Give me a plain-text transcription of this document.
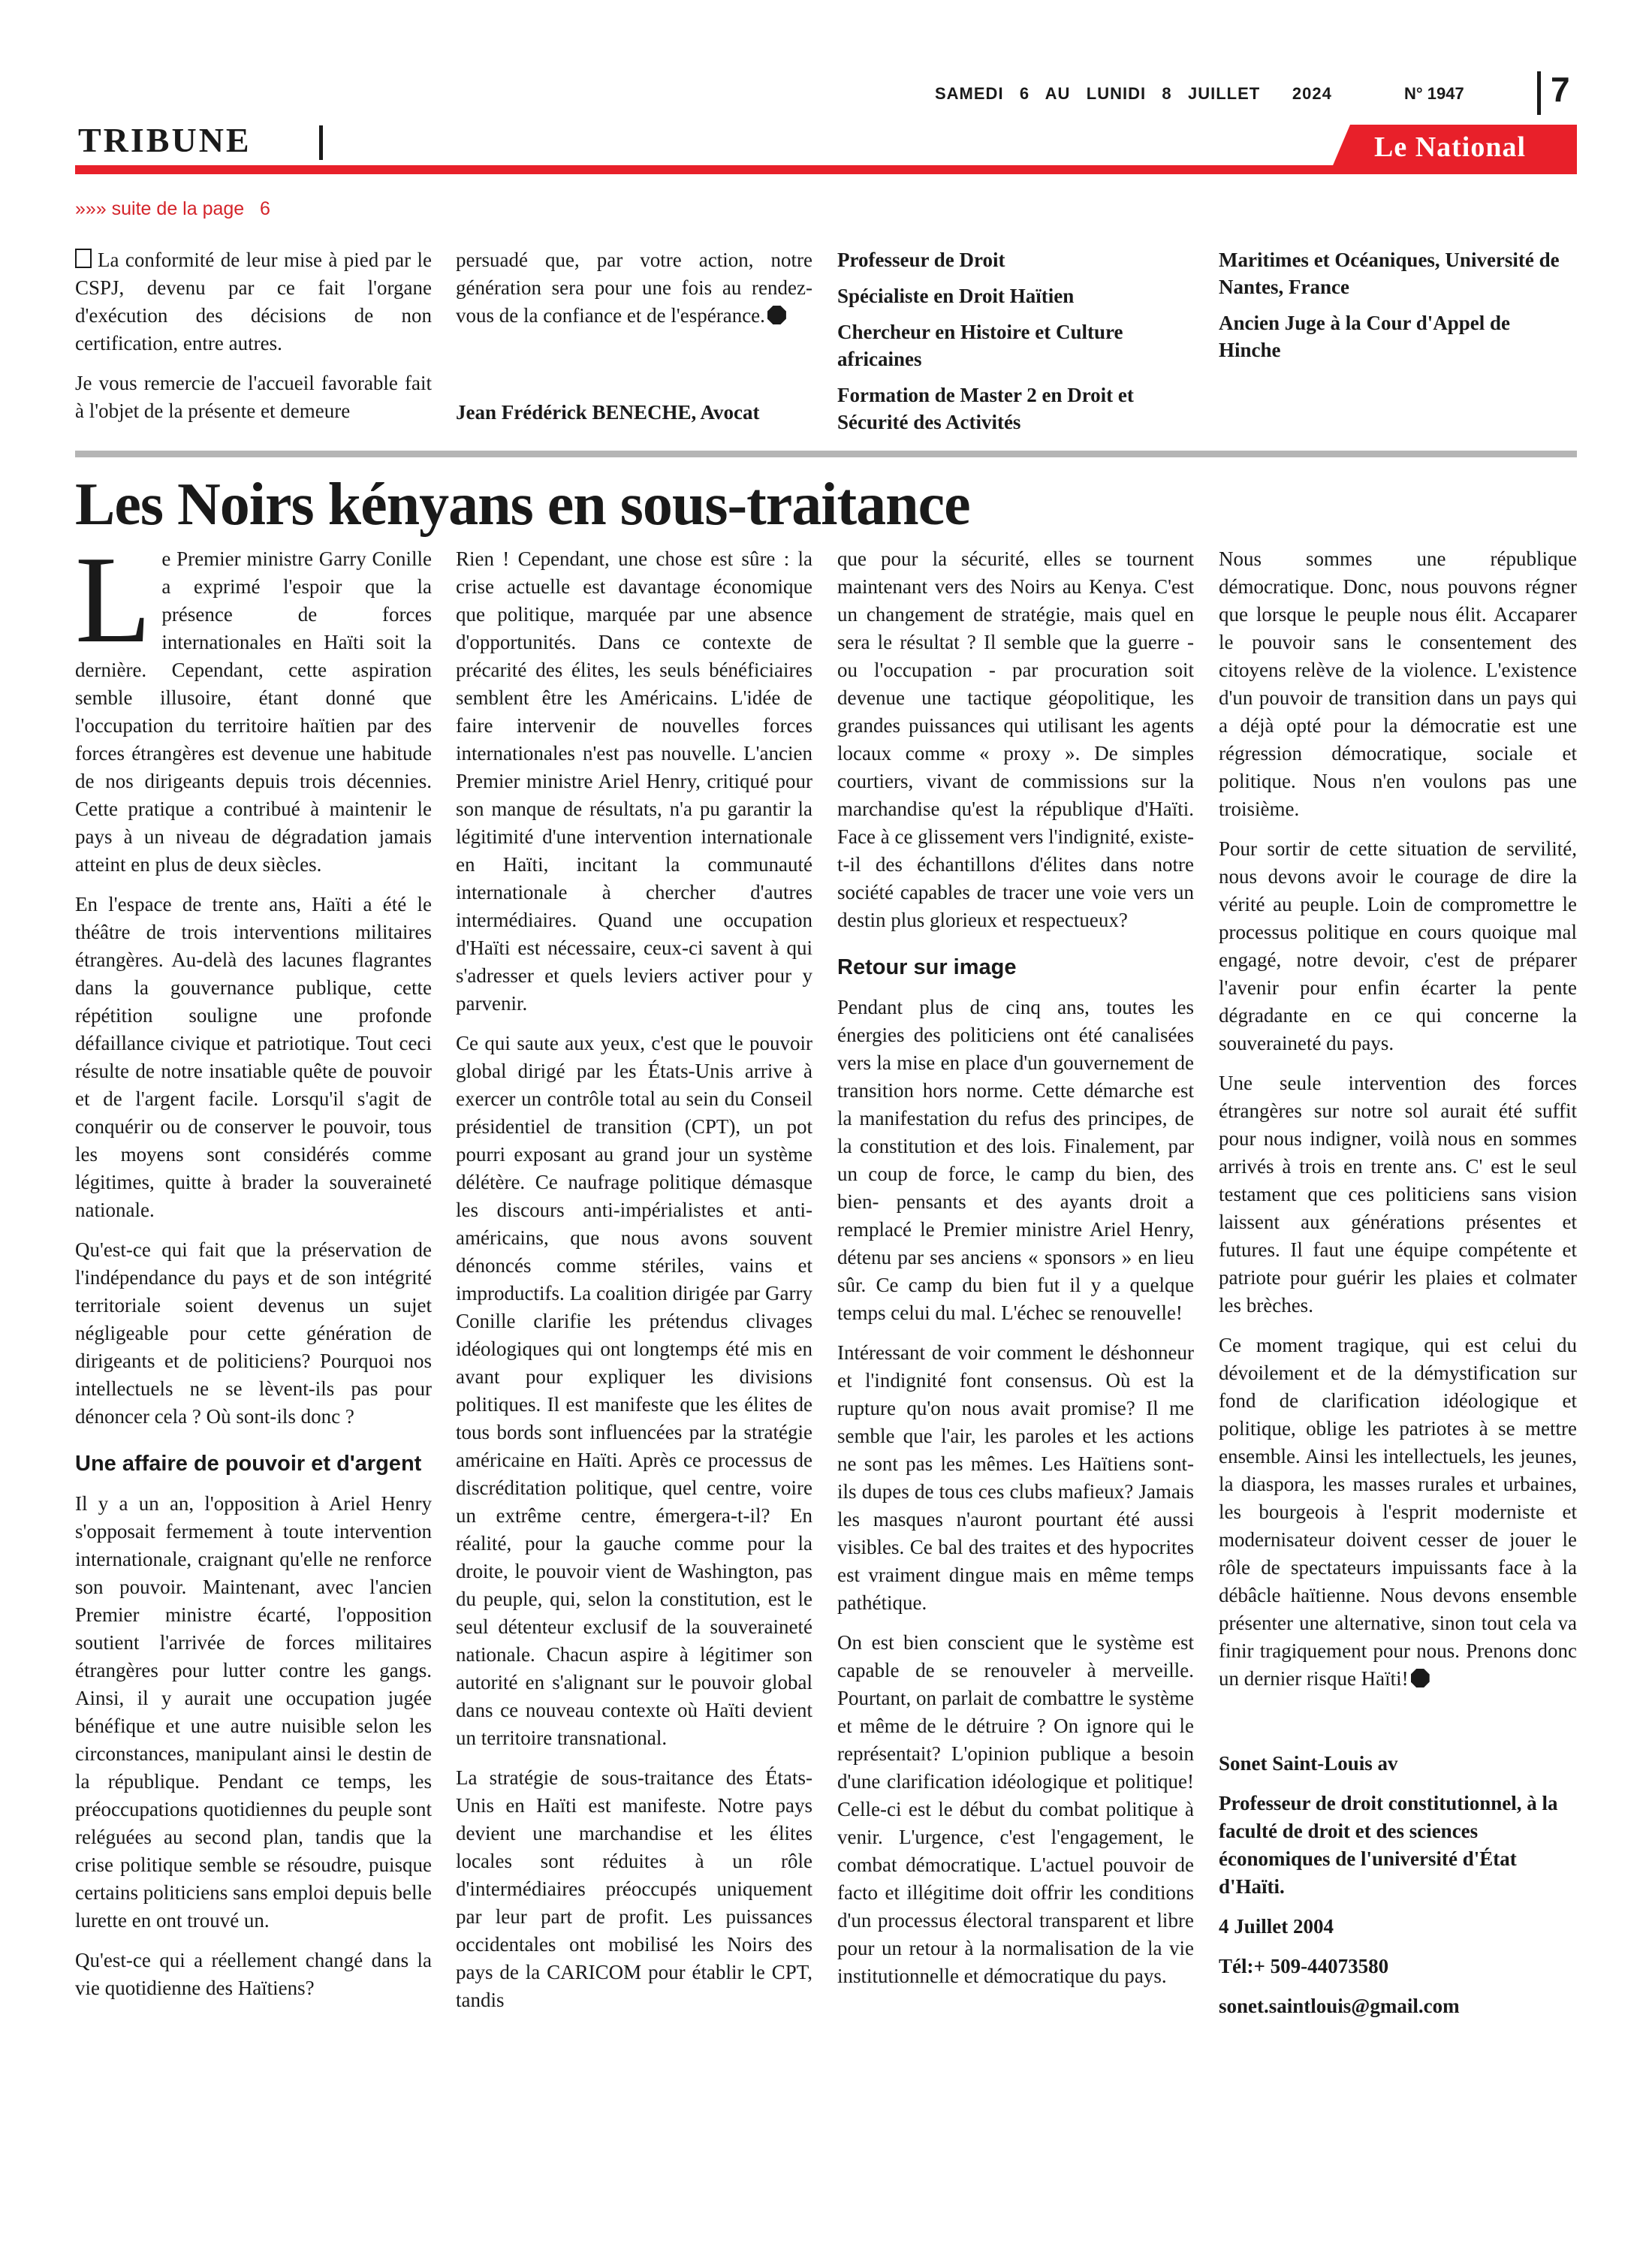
SAMEDI   6   AU   LUNIDI   8   JUILLET      2024	N° 1947	7
TRIBUNE	Le National
»»» suite de la page   6

La conformité de leur mise à pied par le CSPJ, devenu par ce fait l'organe d'exécution des décisions de non certification, entre autres.

Je vous remercie de l'accueil favorable fait à l'objet de la présente et demeure

persuadé que, par votre action, notre génération sera pour une fois au rendez-vous de la confiance et de l'espérance.

Jean Frédérick BENECHE, Avocat

Professeur de Droit

Spécialiste en Droit Haïtien

Chercheur en Histoire et Culture africaines

Formation de Master 2 en Droit et Sécurité des Activités

Maritimes et Océaniques, Université de Nantes, France

Ancien Juge à la Cour d'Appel de Hinche

Les Noirs kényans en sous-traitance

Le Premier ministre Garry Conille a exprimé l'espoir que la présence de forces internationales en Haïti soit la dernière. Cependant, cette aspiration semble illusoire, étant donné que l'occupation du territoire haïtien par des forces étrangères est devenue une habitude de nos dirigeants depuis trois décennies. Cette pratique a contribué à maintenir le pays à un niveau de dégradation jamais atteint en plus de deux siècles.

En l'espace de trente ans, Haïti a été le théâtre de trois interventions militaires étrangères. Au-delà des lacunes flagrantes dans la gouvernance publique, cette répétition souligne une profonde défaillance civique et patriotique. Tout ceci résulte de notre insatiable quête de pouvoir et de l'argent facile. Lorsqu'il s'agit de conquérir ou de conserver le pouvoir, tous les moyens sont considérés comme légitimes, quitte à brader la souveraineté nationale.

Qu'est-ce qui fait que la préservation de l'indépendance du pays et de son intégrité territoriale soient devenus un sujet négligeable pour cette génération de dirigeants et de politiciens? Pourquoi nos intellectuels ne se lèvent-ils pas pour dénoncer cela ? Où sont-ils donc ?

Une affaire de pouvoir et d'argent

Il y a un an, l'opposition à Ariel Henry s'opposait fermement à toute intervention internationale, craignant qu'elle ne renforce son pouvoir. Maintenant, avec l'ancien Premier ministre écarté, l'opposition soutient l'arrivée de forces militaires étrangères pour lutter contre les gangs. Ainsi, il y aurait une occupation jugée bénéfique et une autre nuisible selon les circonstances, manipulant ainsi le destin de la république. Pendant ce temps, les préoccupations quotidiennes du peuple sont reléguées au second plan, tandis que la crise politique semble se résoudre, puisque certains politiciens sans emploi depuis belle lurette en ont trouvé un.

Qu'est-ce qui a réellement changé dans la vie quotidienne des Haïtiens?

Rien ! Cependant, une chose est sûre : la crise actuelle est davantage économique que politique, marquée par une absence d'opportunités. Dans ce contexte de précarité des élites, les seuls bénéficiaires semblent être les Américains. L'idée de faire intervenir de nouvelles forces internationales n'est pas nouvelle. L'ancien Premier ministre Ariel Henry, critiqué pour son manque de résultats, n'a pu garantir la légitimité d'une intervention internationale en Haïti, incitant la communauté internationale à chercher d'autres intermédiaires. Quand une occupation d'Haïti est nécessaire, ceux-ci savent à qui s'adresser et quels leviers activer pour y parvenir.

Ce qui saute aux yeux, c'est que le pouvoir global dirigé par les États-Unis arrive à exercer un contrôle total au sein du Conseil présidentiel de transition (CPT), un pot pourri exposant au grand jour un système délétère. Ce naufrage politique démasque les discours anti-impérialistes et anti-américains, que nous avons souvent dénoncés comme stériles, vains et improductifs. La coalition dirigée par Garry Conille clarifie les prétendus clivages idéologiques qui ont longtemps été mis en avant pour expliquer les divisions politiques. Il est manifeste que les élites de tous bords sont influencées par la stratégie américaine en Haïti. Après ce processus de discréditation politique, quel centre, voire un extrême centre, émergera-t-il? En réalité, pour la gauche comme pour la droite, le pouvoir vient de Washington, pas du peuple, qui, selon la constitution, est le seul détenteur exclusif de la souveraineté nationale. Chacun aspire à légitimer son autorité en s'alignant sur le pouvoir global dans ce nouveau contexte où Haïti devient un territoire transnational.

La stratégie de sous-traitance des États-Unis en Haïti est manifeste. Notre pays devient une marchandise et les élites locales sont réduites à un rôle d'intermédiaires préoccupés uniquement par leur part de profit. Les puissances occidentales ont mobilisé les Noirs des pays de la CARICOM pour établir le CPT, tandis

que pour la sécurité, elles se tournent maintenant vers des Noirs au Kenya. C'est un changement de stratégie, mais quel en sera le résultat ? Il semble que la guerre - ou l'occupation - par procuration soit devenue une tactique géopolitique, les grandes puissances qui utilisant les agents locaux comme « proxy ». De simples courtiers, vivant de commissions sur la marchandise qu'est la république d'Haïti. Face à ce glissement vers l'indignité, existe-t-il des échantillons d'élites dans notre société capables de tracer une voie vers un destin plus glorieux et respectueux?

Retour sur image

Pendant plus de cinq ans, toutes les énergies des politiciens ont été canalisées vers la mise en place d'un gouvernement de transition hors norme. Cette démarche est la manifestation du refus des principes, de la constitution et des lois. Finalement, par un coup de force, le camp du bien, des bien- pensants et des ayants droit a remplacé le Premier ministre Ariel Henry, détenu par ses anciens « sponsors » en lieu sûr. Ce camp du bien fut il y a quelque temps celui du mal. L'échec se renouvelle!

Intéressant de voir comment le déshonneur et l'indignité font consensus. Où est la rupture qu'on nous avait promise? Il me semble que l'air, les paroles et les actions ne sont pas les mêmes. Les Haïtiens sont-ils dupes de tous ces clubs mafieux? Jamais les masques n'auront pourtant été aussi visibles. Ce bal des traites et des hypocrites est vraiment dingue mais en même temps pathétique.

On est bien conscient que le système est capable de se renouveler à merveille. Pourtant, on parlait de combattre le système et même de le détruire ? On ignore qui le représentait? L'opinion publique a besoin d'une clarification idéologique et politique! Celle-ci est le début du combat politique à venir. L'urgence, c'est l'engagement, le combat démocratique. L'actuel pouvoir de facto et illégitime doit offrir les conditions d'un processus électoral transparent et libre pour un retour à la normalisation de la vie institutionnelle et démocratique du pays.

Nous sommes une république démocratique. Donc, nous pouvons régner que lorsque le peuple nous élit. Accaparer le pouvoir sans le consentement des citoyens relève de la violence. L'existence d'un pouvoir de transition dans un pays qui a déjà opté pour la démocratie est une régression démocratique, sociale et politique. Nous n'en voulons pas une troisième.

Pour sortir de cette situation de servilité, nous devons avoir le courage de dire la vérité au peuple. Loin de compromettre le processus politique en cours quoique mal engagé, notre devoir, c'est de préparer l'avenir pour enfin écarter la pente dégradante en ce qui concerne la souveraineté du pays.

Une seule intervention des forces étrangères sur notre sol aurait été suffit pour nous indigner, voilà nous en sommes arrivés à trois en trente ans. C' est le seul testament que ces politiciens sans vision laissent aux générations présentes et futures. Il faut une équipe compétente et patriote pour guérir les plaies et colmater les brèches.

Ce moment tragique, qui est celui du dévoilement et de la démystification sur fond de clarification idéologique et politique, oblige les patriotes à se mettre ensemble. Ainsi les intellectuels, les jeunes, la diaspora, les masses rurales et urbaines, les bourgeois à l'esprit moderniste et modernisateur doivent cesser de jouer le rôle de spectateurs impuissants face à la débâcle haïtienne. Nous devons ensemble présenter une alternative, sinon tout cela va finir tragiquement pour nous. Prenons donc un dernier risque Haïti!

Sonet Saint-Louis av

Professeur de droit constitutionnel, à la faculté de droit et des sciences économiques de l'université d'État d'Haïti.

4 Juillet 2004

Tél:+ 509-44073580

sonet.saintlouis@gmail.com
